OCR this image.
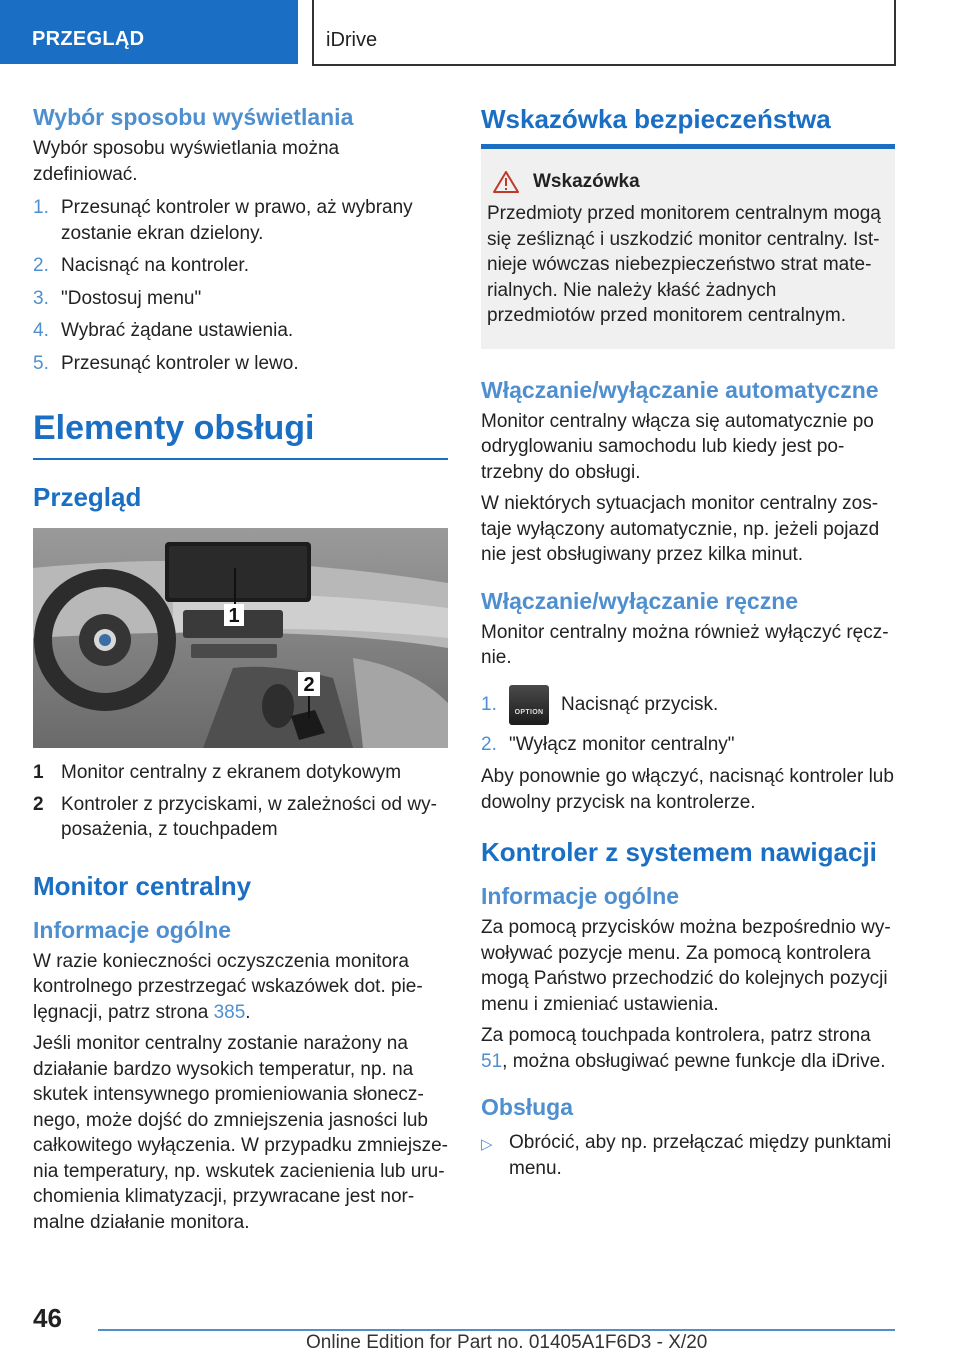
PRZEGLĄD	iDrive
Wybór sposobu wyświetlania

Wybór sposobu wyświetlania można zdefiniować.

1. Przesunąć kontroler w prawo, aż wybrany zostanie ekran dzielony.
2. Nacisnąć na kontroler.
3. "Dostosuj menu"
4. Wybrać żądane ustawienia.
5. Przesunąć kontroler w lewo.
Elementy obsługi
Przegląd
1
2
1 Monitor centralny z ekranem dotykowym
2 Kontroler z przyciskami, w zależności od wyposażenia, z touchpadem
Monitor centralny
Informacje ogólne

W razie konieczności oczyszczenia monitora kontrolnego przestrzegać wskazówek dot. pielęgnacji, patrz strona 385.

Jeśli monitor centralny zostanie narażony na działanie bardzo wysokich temperatur, np. na skutek intensywnego promieniowania słonecznego, może dojść do zmniejszenia jasności lub całkowitego wyłączenia. W przypadku zmniejszenia temperatury, np. wskutek zacienienia lub uruchomienia klimatyzacji, przywracane jest normalne działanie monitora.

Wskazówka bezpieczeństwa
Wskazówka

Przedmioty przed monitorem centralnym mogą się ześliznąć i uszkodzić monitor centralny. Istnieje wówczas niebezpieczeństwo strat materialnych. Nie należy kłaść żadnych przedmiotów przed monitorem centralnym.

Włączanie/wyłączanie automatyczne

Monitor centralny włącza się automatycznie po odryglowaniu samochodu lub kiedy jest potrzebny do obsługi.

W niektórych sytuacjach monitor centralny zostaje wyłączony automatycznie, np. jeżeli pojazd nie jest obsługiwany przez kilka minut.

Włączanie/wyłączanie ręczne

Monitor centralny można również wyłączyć ręcznie.

1.	OPTION Nacisnąć przycisk.
2. "Wyłącz monitor centralny"

Aby ponownie go włączyć, nacisnąć kontroler lub dowolny przycisk na kontrolerze.

Kontroler z systemem nawigacji
Informacje ogólne

Za pomocą przycisków można bezpośrednio wywoływać pozycje menu. Za pomocą kontrolera mogą Państwo przechodzić do kolejnych pozycji menu i zmieniać ustawienia.

Za pomocą touchpada kontrolera, patrz strona 51, można obsługiwać pewne funkcje dla iDrive.

Obsługa
▷ Obrócić, aby np. przełączać między punktami menu.
46
Online Edition for Part no. 01405A1F6D3 - X/20
